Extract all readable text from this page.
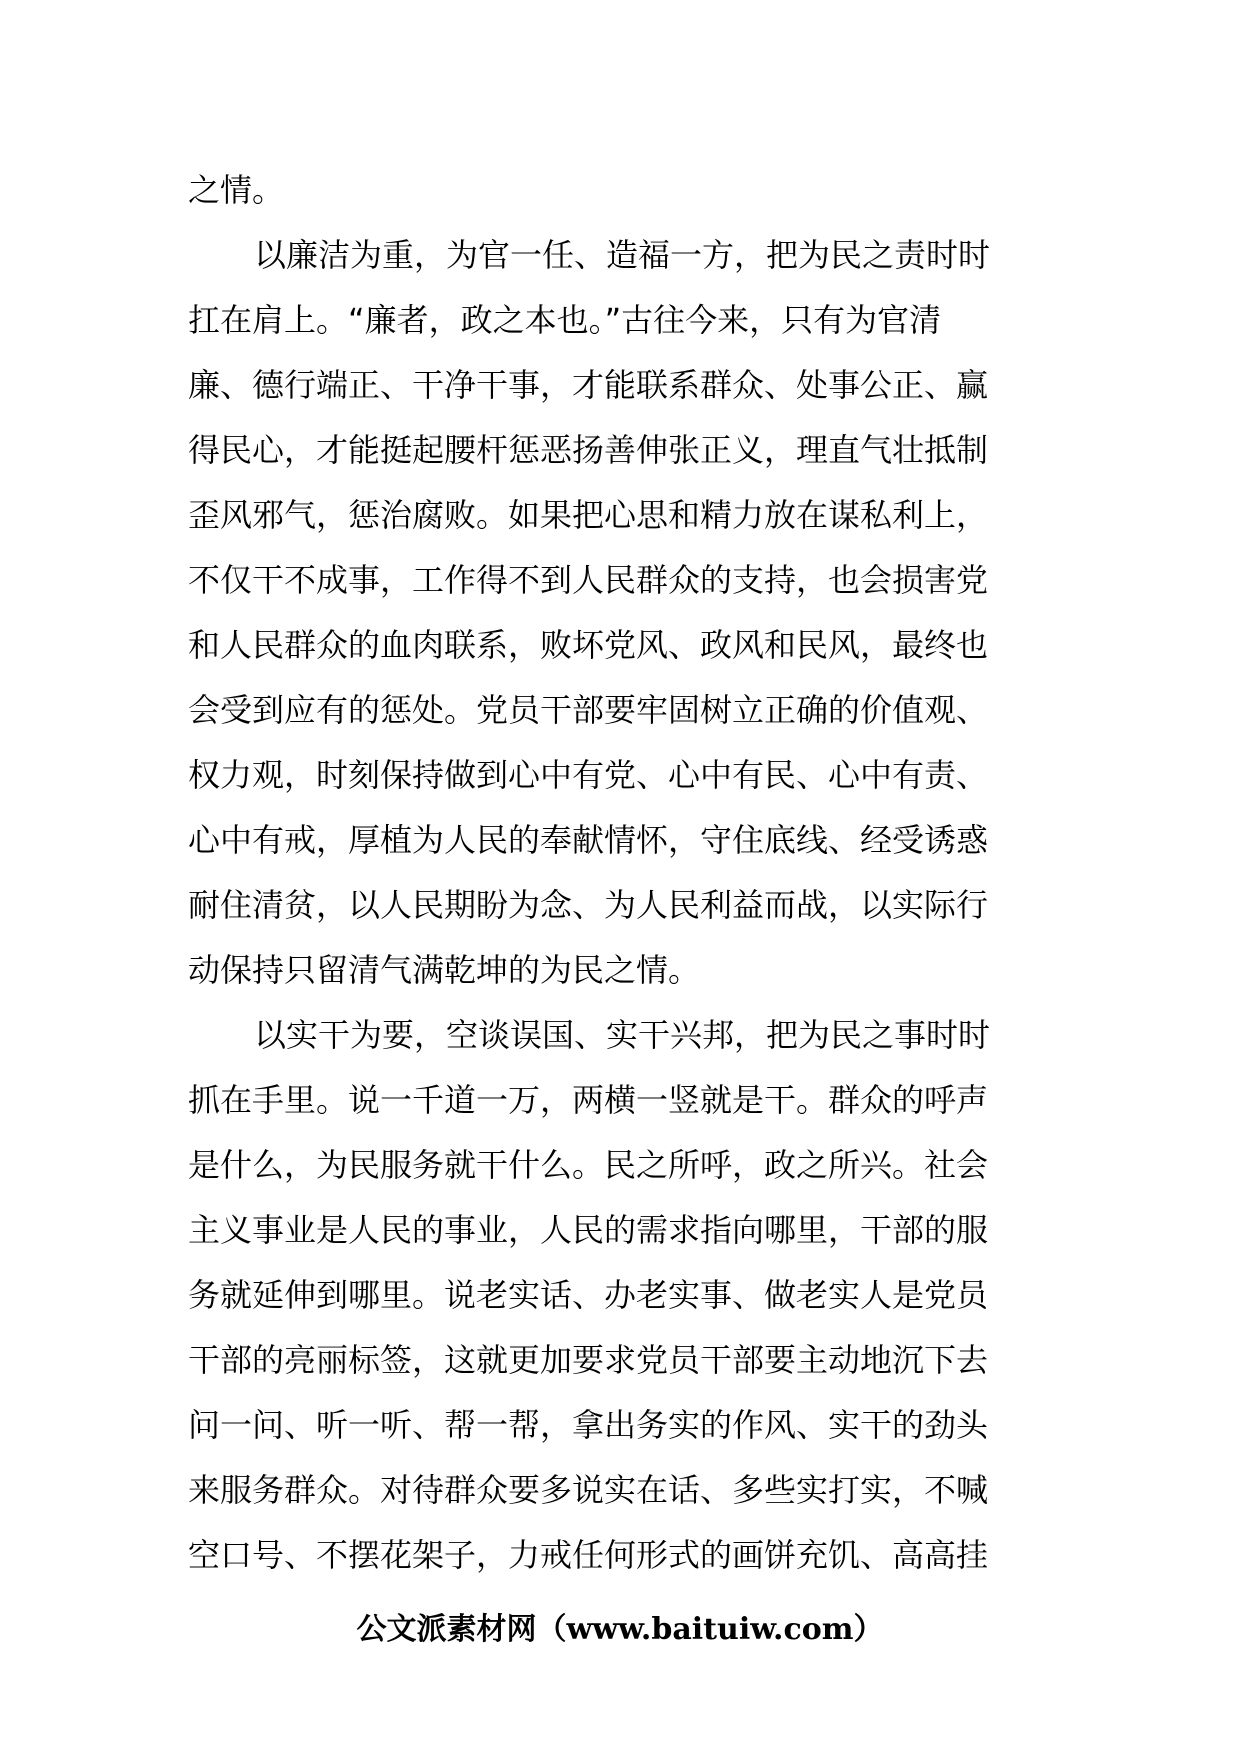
之情。
以廉洁为重，为官一任、造福一方，把为民之责时时
扛在肩上。“廉者，政之本也。”古往今来，只有为官清
廉、德行端正、干净干事，才能联系群众、处事公正、赢
得民心，才能挺起腰杆惩恶扬善伸张正义，理直气壮抵制
歪风邪气，惩治腐败。如果把心思和精力放在谋私利上，
不仅干不成事，工作得不到人民群众的支持，也会损害党
和人民群众的血肉联系，败坏党风、政风和民风，最终也
会受到应有的惩处。党员干部要牢固树立正确的价值观、
权力观，时刻保持做到心中有党、心中有民、心中有责、
心中有戒，厚植为人民的奉献情怀，守住底线、经受诱惑
耐住清贫，以人民期盼为念、为人民利益而战，以实际行
动保持只留清气满乾坤的为民之情。
以实干为要，空谈误国、实干兴邦，把为民之事时时
抓在手里。说一千道一万，两横一竖就是干。群众的呼声
是什么，为民服务就干什么。民之所呼，政之所兴。社会
主义事业是人民的事业，人民的需求指向哪里，干部的服
务就延伸到哪里。说老实话、办老实事、做老实人是党员
干部的亮丽标签，这就更加要求党员干部要主动地沉下去
问一问、听一听、帮一帮，拿出务实的作风、实干的劲头
来服务群众。对待群众要多说实在话、多些实打实，不喊
空口号、不摆花架子，力戒任何形式的画饼充饥、高高挂
公文派素材网（www.baituiw.com）
